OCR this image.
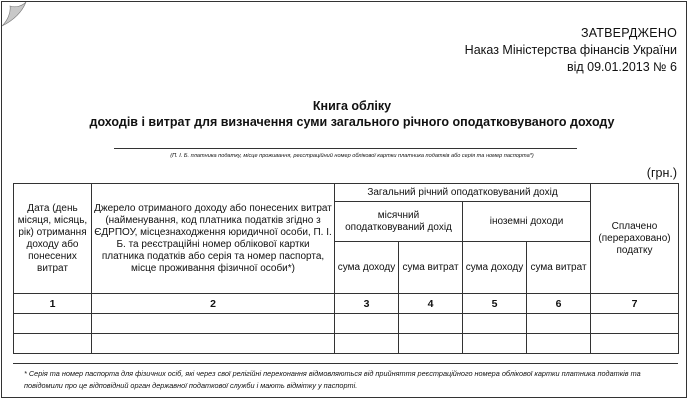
ЗАТВЕРДЖЕНО
Наказ Міністерства фінансів України
від 09.01.2013 № 6
Книга обліку
доходів і витрат для визначення суми загального річного оподатковуваного доходу
(П. І. Б. платника податку, місце проживання, реєстраційний номер облікової картки платника податків або серія та номер паспорта*)
(грн.)
Дата (день місяця, місяць, рік) отримання доходу або понесених витрат	Джерело отриманого доходу або понесених витрат (найменування, код платника податків згідно з ЄДРПОУ, місцезнаходження юридичної особи, П. І. Б. та реєстраційні номер облікової картки платника податків або серія та номер паспорта, місце проживання фізичної особи*)	Загальний річний оподатковуваний дохід				Сплачено (перераховано) податку
		місячний оподатковуваний дохід		іноземні доходи		
		сума доходу	сума витрат	сума доходу	сума витрат	
1	2	3	4	5	6	7

* Серія та номер паспорта для фізичних осіб, які через свої релігійні переконання відмовляються від прийняття реєстраційного номера облікової картки платника податків та повідомили про це відповідний орган державної податкової служби і мають відмітку у паспорті.
